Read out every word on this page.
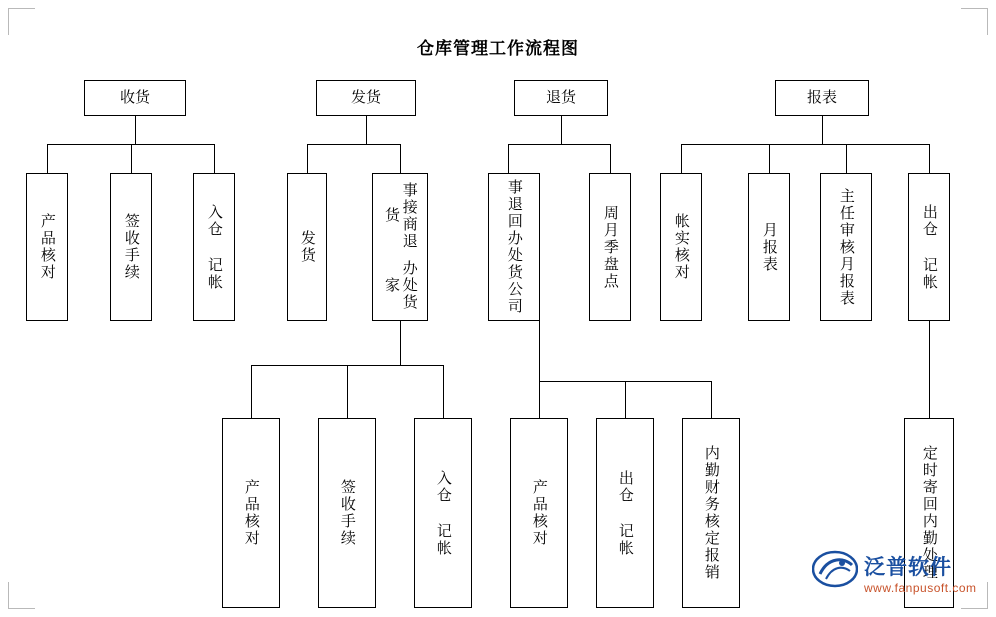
仓库管理工作流程图
收货
产品核对	签收手续	入仓 记帐
发货
发货
办处货家
事接商退货
产品核对	签收手续	入仓 记帐
退货
办处货公司
事退回	周月季盘点
产品核对	出仓 记帐	内勤财务核定报销
报表
帐实核对	月报表
月报表
主任审核	出仓 记帐
定时寄回内勤处理
泛普软件
www.fanpusoft.com
